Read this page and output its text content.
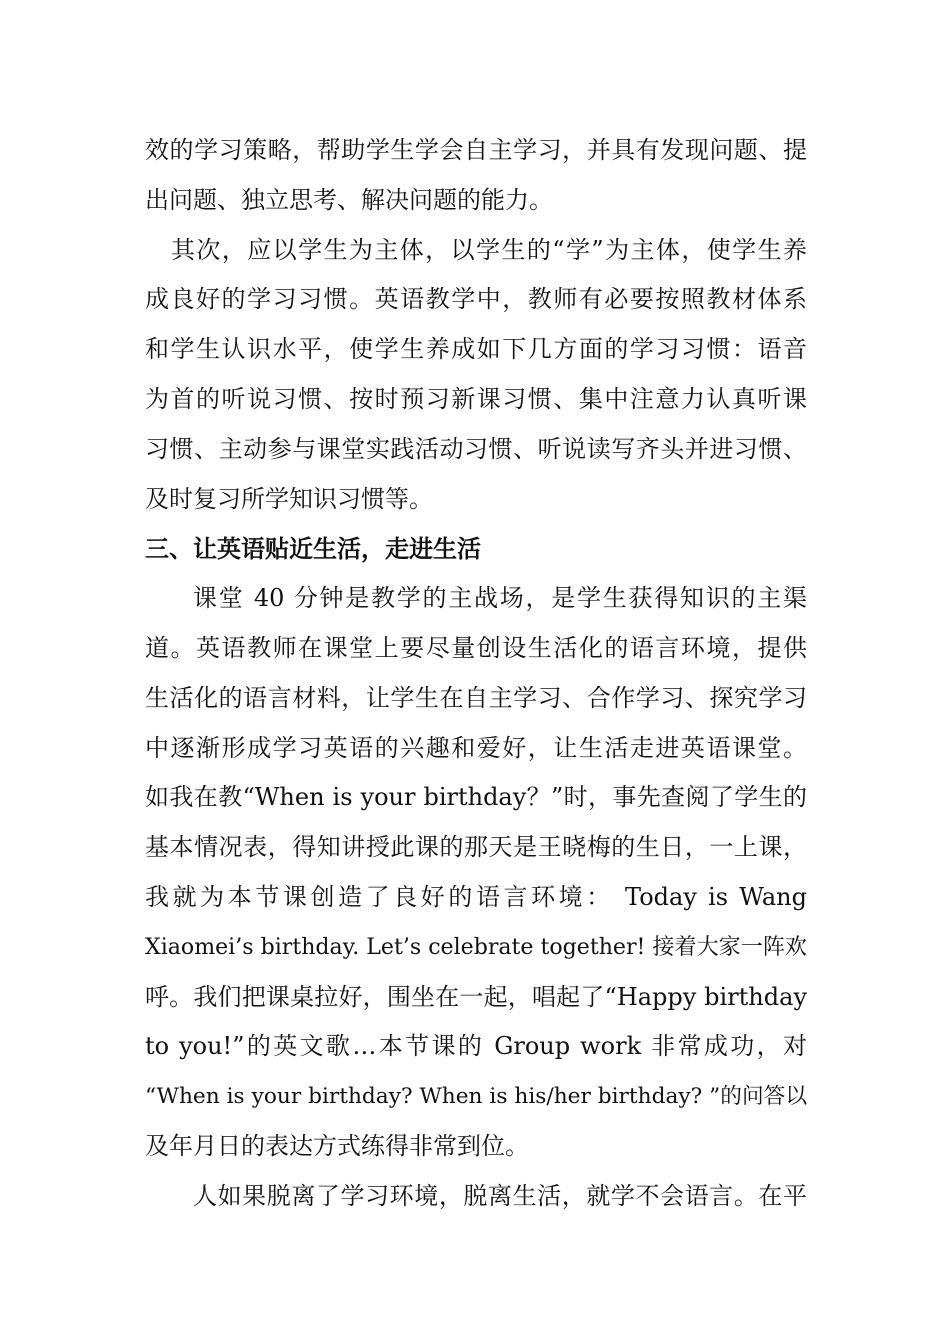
效的学习策略，帮助学生学会自主学习，并具有发现问题、提
出问题、独立思考、解决问题的能力。
其次，应以学生为主体，以学生的“学”为主体，使学生养
成良好的学习习惯。英语教学中，教师有必要按照教材体系
和学生认识水平，使学生养成如下几方面的学习习惯：语音
为首的听说习惯、按时预习新课习惯、集中注意力认真听课
习惯、主动参与课堂实践活动习惯、听说读写齐头并进习惯、
及时复习所学知识习惯等。
三、让英语贴近生活，走进生活
课堂 40 分钟是教学的主战场，是学生获得知识的主渠
道。英语教师在课堂上要尽量创设生活化的语言环境，提供
生活化的语言材料，让学生在自主学习、合作学习、探究学习
中逐渐形成学习英语的兴趣和爱好，让生活走进英语课堂。
如我在教“When is your birthday？”时，事先查阅了学生的
基本情况表，得知讲授此课的那天是王晓梅的生日，一上课，
我就为本节课创造了良好的语言环境： Today is Wang
Xiaomei’s birthday. Let’s celebrate together! 接着大家一阵欢
呼。我们把课桌拉好，围坐在一起，唱起了“Happy birthday
to you!”的英文歌…本节课的 Group work 非常成功，对
“When is your birthday? When is his/her birthday? ”的问答以
及年月日的表达方式练得非常到位。
人如果脱离了学习环境，脱离生活，就学不会语言。在平
